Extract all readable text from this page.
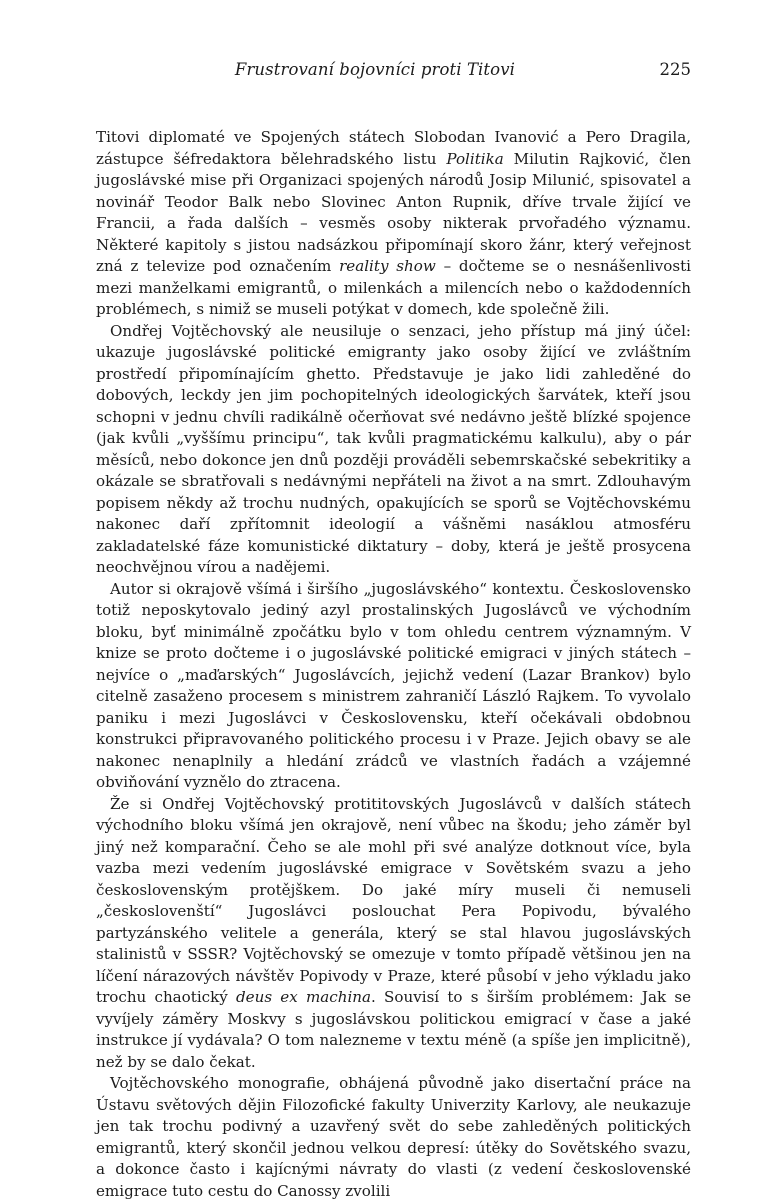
Frustrovaní bojovníci proti Titovi	225

Titovi diplomaté ve Spojených státech Slobodan Ivanović a Pero Dragila, zástupce šéfredaktora bělehradského listu Politika Milutin Rajković, člen jugoslávské mise při Organizaci spojených národů Josip Milunić, spisovatel a novinář Teodor Balk nebo Slovinec Anton Rupnik, dříve trvale žijící ve Francii, a řada dalších – vesměs osoby nikterak prvořadého významu. Některé kapitoly s jistou nadsázkou připomínají skoro žánr, který veřejnost zná z televize pod označením reality show – dočteme se o nesnášenlivosti mezi manželkami emigrantů, o milenkách a milencích nebo o každodenních problémech, s nimiž se museli potýkat v domech, kde společně žili.

Ondřej Vojtěchovský ale neusiluje o senzaci, jeho přístup má jiný účel: ukazuje jugoslávské politické emigranty jako osoby žijící ve zvláštním prostředí připomínajícím ghetto. Představuje je jako lidi zahleděné do dobových, leckdy jen jim pochopitelných ideologických šarvátek, kteří jsou schopni v jednu chvíli radikálně očerňovat své nedávno ještě blízké spojence (jak kvůli „vyššímu principu“, tak kvůli pragmatickému kalkulu), aby o pár měsíců, nebo dokonce jen dnů později prováděli sebemrskačské sebekritiky a okázale se sbratřovali s nedávnými nepřáteli na život a na smrt. Zdlouhavým popisem někdy až trochu nudných, opakujících se sporů se Vojtěchovskému nakonec daří zpřítomnit ideologií a vášněmi nasáklou atmosféru zakladatelské fáze komunistické diktatury – doby, která je ještě prosycena neochvějnou vírou a nadějemi.

Autor si okrajově všímá i širšího „jugoslávského“ kontextu. Československo totiž neposkytovalo jediný azyl prostalinských Jugoslávců ve východním bloku, byť minimálně zpočátku bylo v tom ohledu centrem významným. V knize se proto dočteme i o jugoslávské politické emigraci v jiných státech – nejvíce o „maďarských“ Jugoslávcích, jejichž vedení (Lazar Brankov) bylo citelně zasaženo procesem s ministrem zahraničí László Rajkem. To vyvolalo paniku i mezi Jugoslávci v Československu, kteří očekávali obdobnou konstrukci připravovaného politického procesu i v Praze. Jejich obavy se ale nakonec nenaplnily a hledání zrádců ve vlastních řadách a vzájemné obviňování vyznělo do ztracena.

Že si Ondřej Vojtěchovský protititovských Jugoslávců v dalších státech východního bloku všímá jen okrajově, není vůbec na škodu; jeho záměr byl jiný než komparační. Čeho se ale mohl při své analýze dotknout více, byla vazba mezi vedením jugoslávské emigrace v Sovětském svazu a jeho československým protějškem. Do jaké míry museli či nemuseli „českoslovenští“ Jugoslávci poslouchat Pera Popivodu, bývalého partyzánského velitele a generála, který se stal hlavou jugoslávských stalinistů v SSSR? Vojtěchovský se omezuje v tomto případě většinou jen na líčení nárazových návštěv Popivody v Praze, které působí v jeho výkladu jako trochu chaotický deus ex machina. Souvisí to s širším problémem: Jak se vyvíjely záměry Moskvy s jugoslávskou politickou emigrací v čase a jaké instrukce jí vydávala? O tom nalezneme v textu méně (a spíše jen implicitně), než by se dalo čekat.

Vojtěchovského monografie, obhájená původně jako disertační práce na Ústavu světových dějin Filozofické fakulty Univerzity Karlovy, ale neukazuje jen tak trochu podivný a uzavřený svět do sebe zahleděných politických emigrantů, který skončil jednou velkou depresí: útěky do Sovětského svazu, a dokonce často i kajícnými návraty do vlasti (z vedení československé emigrace tuto cestu do Canossy zvolili
